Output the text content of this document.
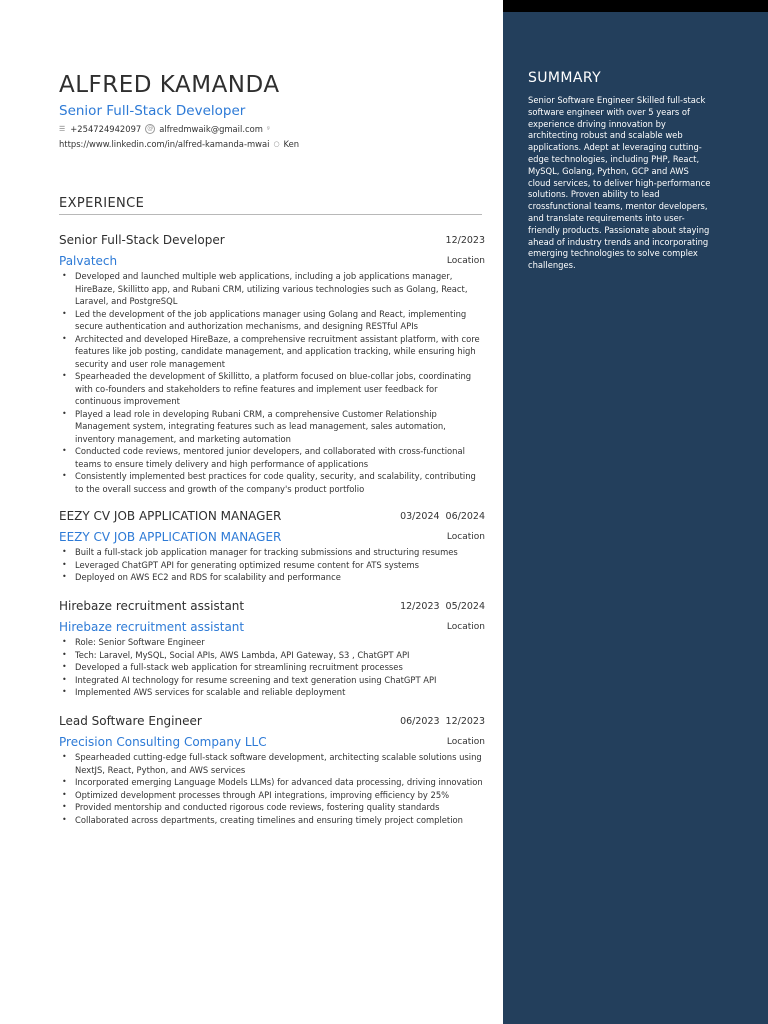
ALFRED KAMANDA
Senior Full-Stack Developer
☰ +254724942097	@ alfredmwaik@gmail.com ᵍ
https://www.linkedin.com/in/alfred-kamanda-mwai ○ Ken
EXPERIENCE
Senior Full-Stack Developer	12/2023
Palvatech	Location
• Developed and launched multiple web applications, including a job applications manager, HireBaze, Skillitto app, and Rubani CRM, utilizing various technologies such as Golang, React, Laravel, and PostgreSQL
• Led the development of the job applications manager using Golang and React, implementing secure authentication and authorization mechanisms, and designing RESTful APIs
• Architected and developed HireBaze, a comprehensive recruitment assistant platform, with core features like job posting, candidate management, and application tracking, while ensuring high security and user role management
• Spearheaded the development of Skillitto, a platform focused on blue-collar jobs, coordinating with co-founders and stakeholders to refine features and implement user feedback for continuous improvement
• Played a lead role in developing Rubani CRM, a comprehensive Customer Relationship Management system, integrating features such as lead management, sales automation, inventory management, and marketing automation
• Conducted code reviews, mentored junior developers, and collaborated with cross-functional teams to ensure timely delivery and high performance of applications
• Consistently implemented best practices for code quality, security, and scalability, contributing to the overall success and growth of the company's product portfolio
EEZY CV JOB APPLICATION MANAGER	03/2024 06/2024
EEZY CV JOB APPLICATION MANAGER	Location
• Built a full-stack job application manager for tracking submissions and structuring resumes
• Leveraged ChatGPT API for generating optimized resume content for ATS systems
• Deployed on AWS EC2 and RDS for scalability and performance
Hirebaze recruitment assistant	12/2023 05/2024
Hirebaze recruitment assistant	Location
• Role: Senior Software Engineer
• Tech: Laravel, MySQL, Social APIs, AWS Lambda, API Gateway, S3 , ChatGPT API
• Developed a full-stack web application for streamlining recruitment processes
• Integrated AI technology for resume screening and text generation using ChatGPT API
• Implemented AWS services for scalable and reliable deployment
Lead Software Engineer	06/2023 12/2023
Precision Consulting Company LLC	Location
• Spearheaded cutting-edge full-stack software development, architecting scalable solutions using NextJS, React, Python, and AWS services
• Incorporated emerging Language Models LLMs) for advanced data processing, driving innovation
• Optimized development processes through API integrations, improving efficiency by 25%
• Provided mentorship and conducted rigorous code reviews, fostering quality standards
• Collaborated across departments, creating timelines and ensuring timely project completion
SUMMARY
Senior Software Engineer Skilled full-stack software engineer with over 5 years of experience driving innovation by architecting robust and scalable web applications. Adept at leveraging cutting-edge technologies, including PHP, React, MySQL, Golang, Python, GCP and AWS cloud services, to deliver high-performance solutions. Proven ability to lead crossfunctional teams, mentor developers, and translate requirements into user-friendly products. Passionate about staying ahead of industry trends and incorporating emerging technologies to solve complex challenges.
